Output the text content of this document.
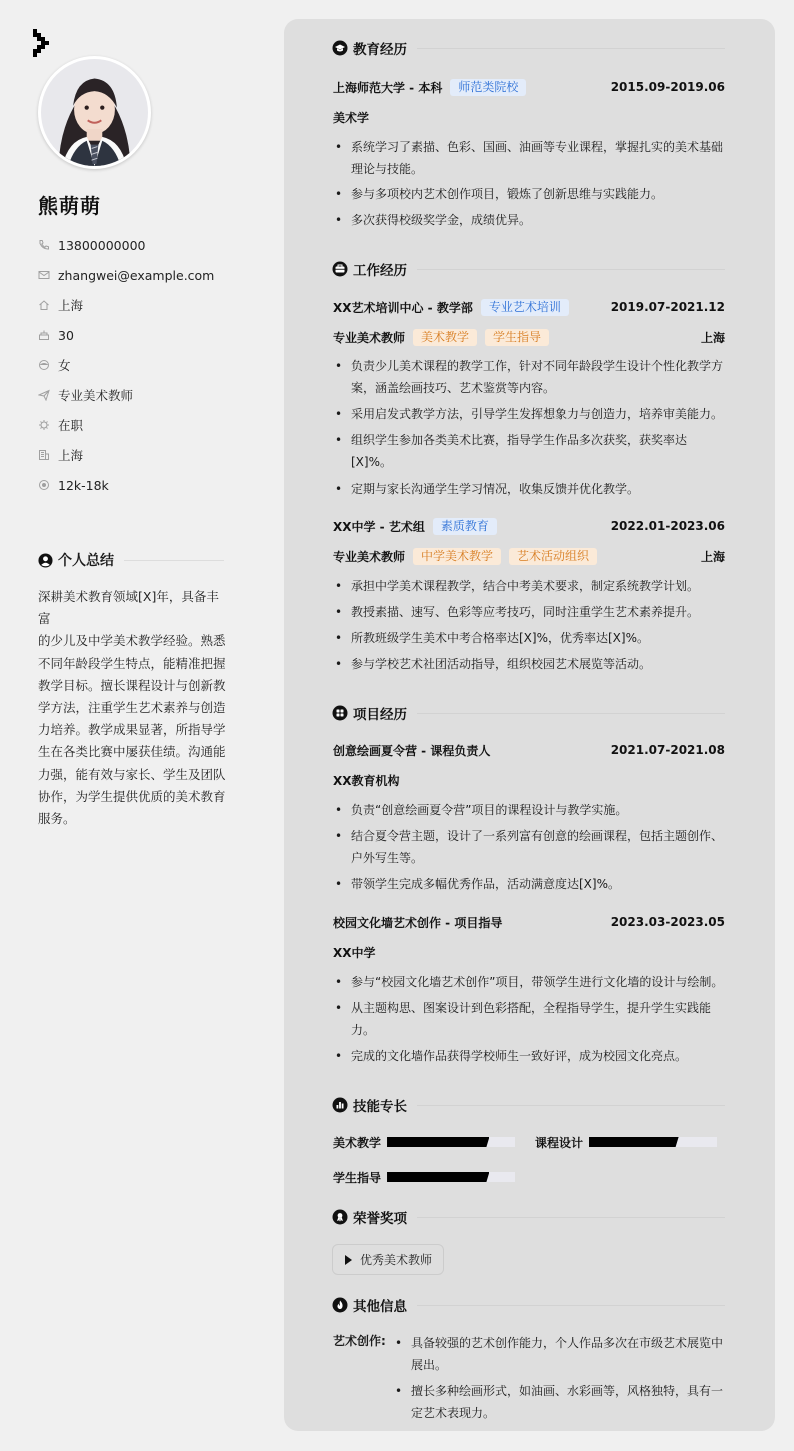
熊萌萌
13800000000
zhangwei@example.com
上海
30
女
专业美术教师
在职
上海
12k-18k
个人总结
深耕美术教育领域[X]年，具备丰富
的少儿及中学美术教学经验。熟悉
不同年龄段学生特点，能精准把握
教学目标。擅长课程设计与创新教
学方法，注重学生艺术素养与创造
力培养。教学成果显著，所指导学
生在各类比赛中屡获佳绩。沟通能
力强，能有效与家长、学生及团队
协作，为学生提供优质的美术教育
服务。
教育经历
上海师范大学 - 本科	师范类院校	2015.09-2019.06
美术学
• 系统学习了素描、色彩、国画、油画等专业课程，掌握扎实的美术基础
理论与技能。
• 参与多项校内艺术创作项目，锻炼了创新思维与实践能力。
• 多次获得校级奖学金，成绩优异。
工作经历
XX艺术培训中心 - 教学部	专业艺术培训	2019.07-2021.12
专业美术教师	美术教学	学生指导	上海
• 负责少儿美术课程的教学工作，针对不同年龄段学生设计个性化教学方
案，涵盖绘画技巧、艺术鉴赏等内容。
• 采用启发式教学方法，引导学生发挥想象力与创造力，培养审美能力。
• 组织学生参加各类美术比赛，指导学生作品多次获奖，获奖率达
[X]%。
• 定期与家长沟通学生学习情况，收集反馈并优化教学。
XX中学 - 艺术组	素质教育	2022.01-2023.06
专业美术教师	中学美术教学	艺术活动组织	上海
• 承担中学美术课程教学，结合中考美术要求，制定系统教学计划。
• 教授素描、速写、色彩等应考技巧，同时注重学生艺术素养提升。
• 所教班级学生美术中考合格率达[X]%，优秀率达[X]%。
• 参与学校艺术社团活动指导，组织校园艺术展览等活动。
项目经历
创意绘画夏令营 - 课程负责人	2021.07-2021.08
XX教育机构
• 负责“创意绘画夏令营”项目的课程设计与教学实施。
• 结合夏令营主题，设计了一系列富有创意的绘画课程，包括主题创作、
户外写生等。
• 带领学生完成多幅优秀作品，活动满意度达[X]%。
校园文化墙艺术创作 - 项目指导	2023.03-2023.05
XX中学
• 参与“校园文化墙艺术创作”项目，带领学生进行文化墙的设计与绘制。
• 从主题构思、图案设计到色彩搭配，全程指导学生，提升学生实践能
力。
• 完成的文化墙作品获得学校师生一致好评，成为校园文化亮点。
技能专长
美术教学	课程设计
学生指导
荣誉奖项
优秀美术教师
其他信息
艺术创作:
• 具备较强的艺术创作能力，个人作品多次在市级艺术展览中
展出。
• 擅长多种绘画形式，如油画、水彩画等，风格独特，具有一
定艺术表现力。
